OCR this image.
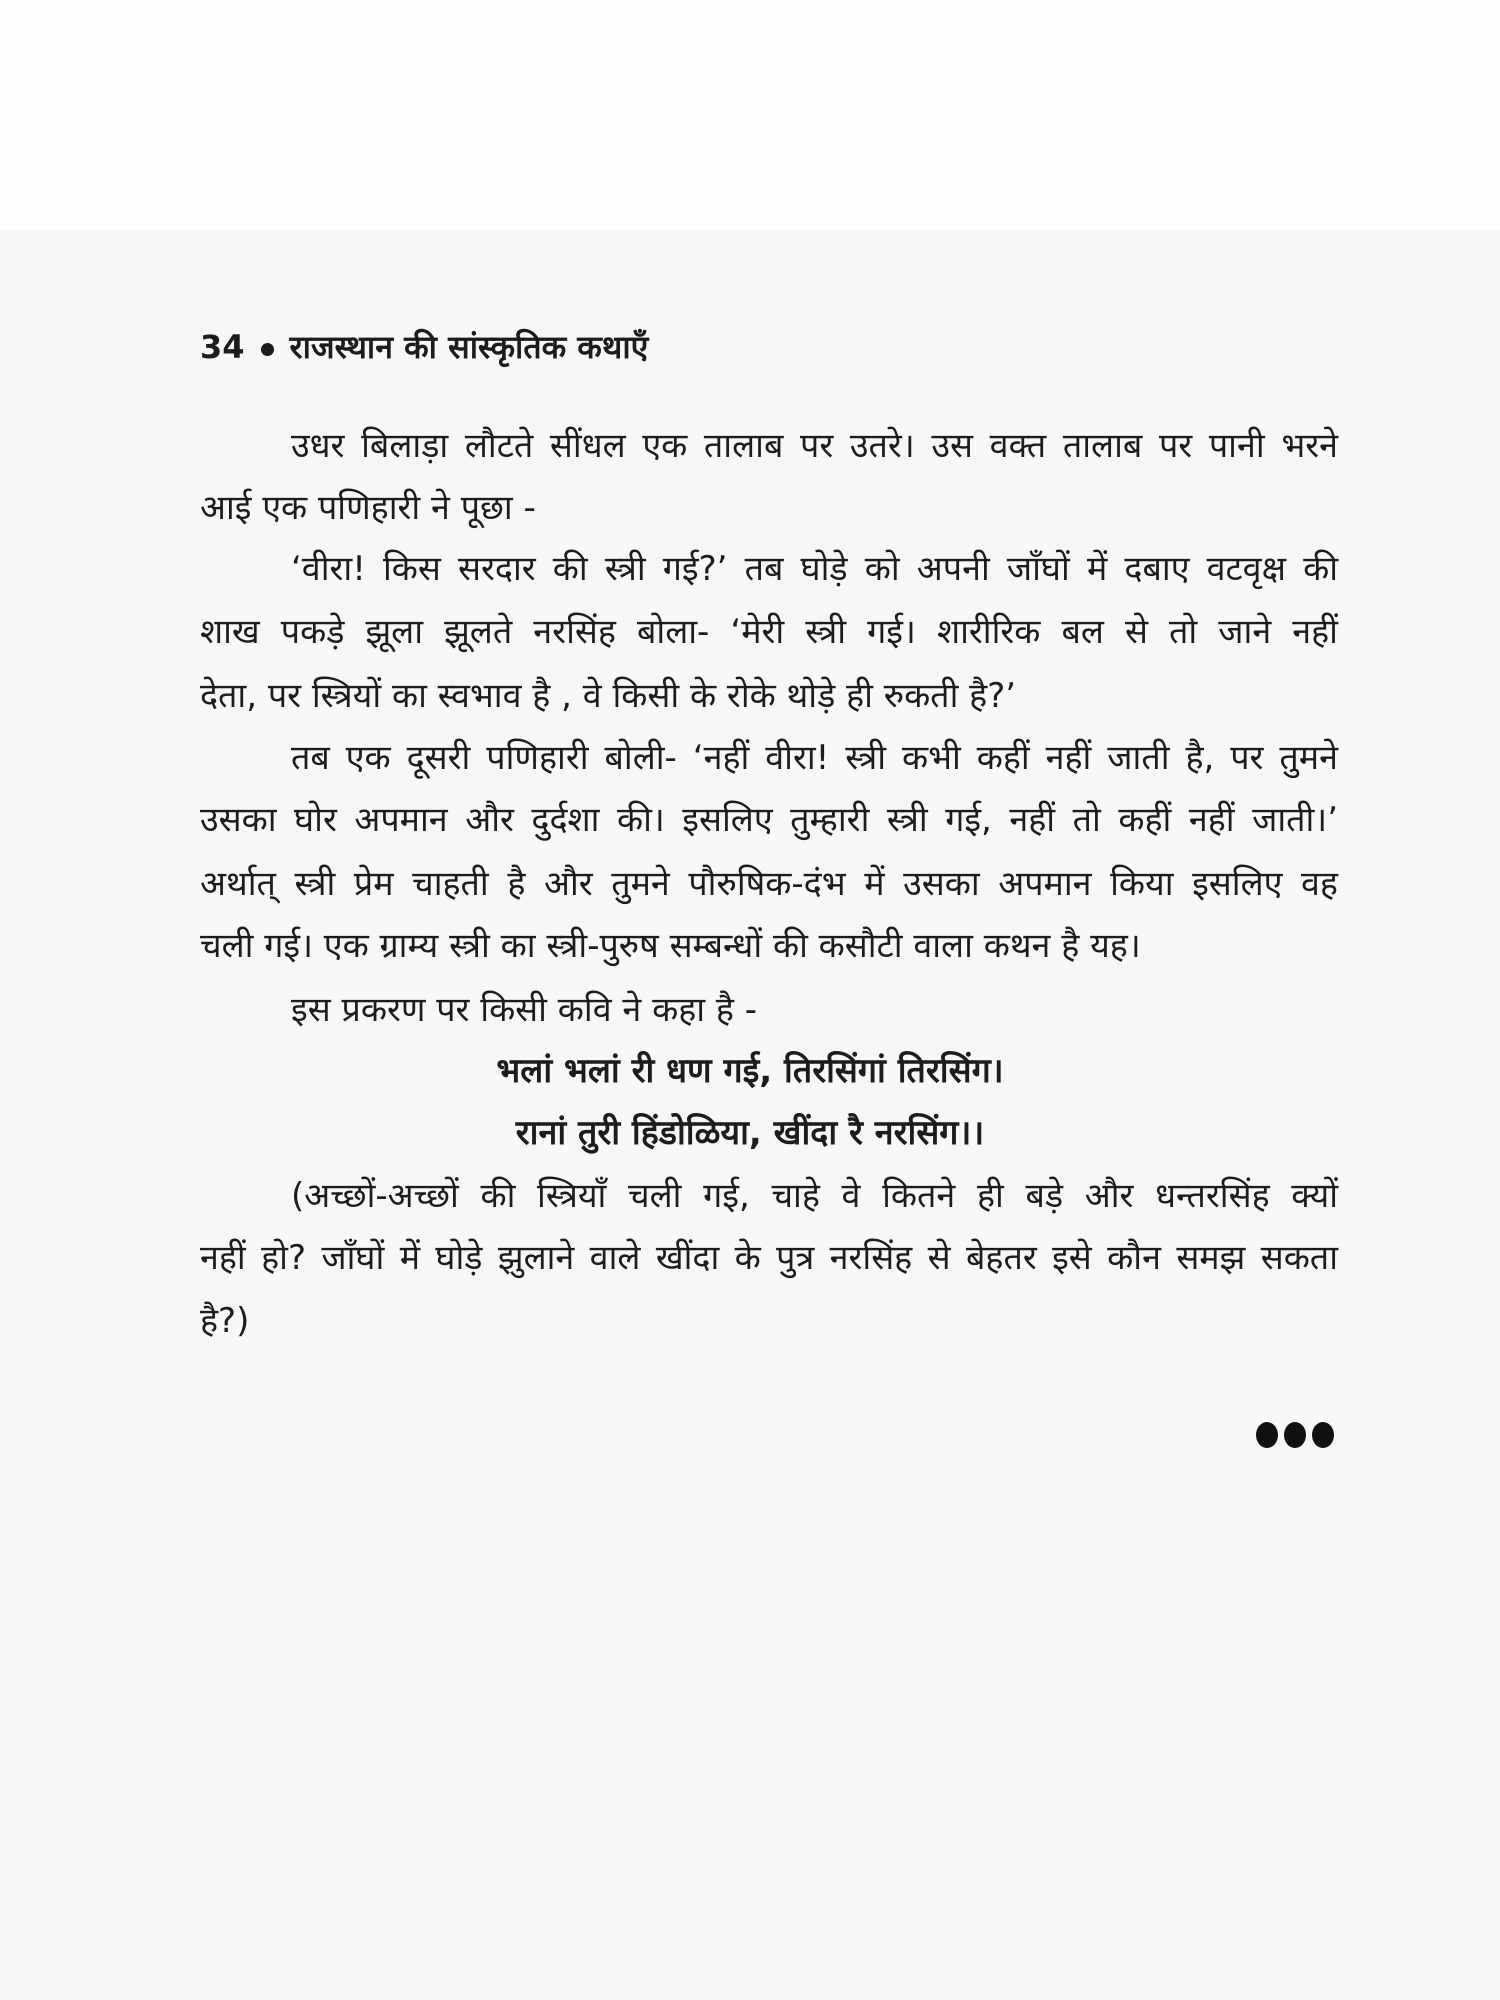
34 राजस्थान की सांस्कृतिक कथाएँ
उधर बिलाड़ा लौटते सींधल एक तालाब पर उतरे। उस वक्त तालाब पर पानी भरने
आई एक पणिहारी ने पूछा -
‘वीरा! किस सरदार की स्त्री गई?’ तब घोड़े को अपनी जाँघों में दबाए वटवृक्ष की
शाख पकड़े झूला झूलते नरसिंह बोला- ‘मेरी स्त्री गई। शारीरिक बल से तो जाने नहीं
देता, पर स्त्रियों का स्वभाव है , वे किसी के रोके थोड़े ही रुकती है?’
तब एक दूसरी पणिहारी बोली- ‘नहीं वीरा! स्त्री कभी कहीं नहीं जाती है, पर तुमने
उसका घोर अपमान और दुर्दशा की। इसलिए तुम्हारी स्त्री गई, नहीं तो कहीं नहीं जाती।’
अर्थात् स्त्री प्रेम चाहती है और तुमने पौरुषिक-दंभ में उसका अपमान किया इसलिए वह
चली गई। एक ग्राम्य स्त्री का स्त्री-पुरुष सम्बन्धों की कसौटी वाला कथन है यह।
इस प्रकरण पर किसी कवि ने कहा है -
भलां भलां री धण गई, तिरसिंगां तिरसिंग।
रानां तुरी हिंडोळिया, खींदा रै नरसिंग।।
(अच्छों-अच्छों की स्त्रियाँ चली गई, चाहे वे कितने ही बड़े और धन्तरसिंह क्यों
नहीं हो? जाँघों में घोड़े झुलाने वाले खींदा के पुत्र नरसिंह से बेहतर इसे कौन समझ सकता
है?)
